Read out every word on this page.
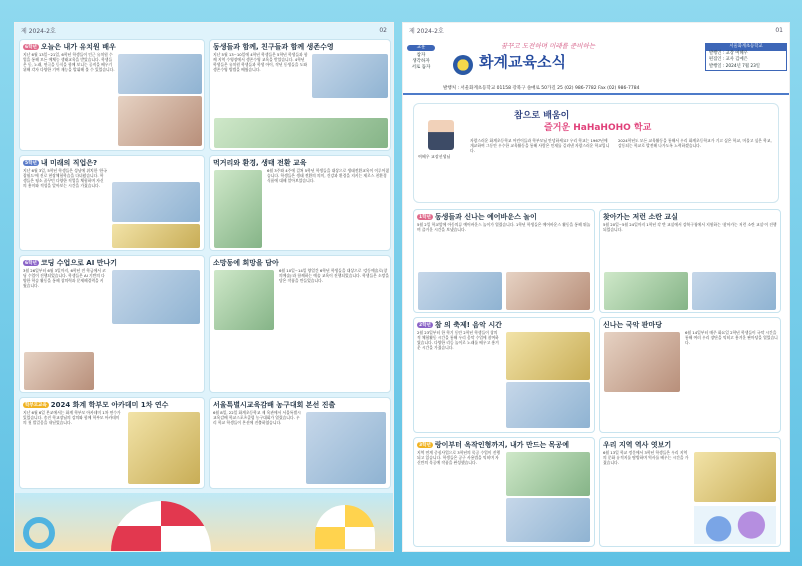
제 2024-2호	02
6학년 오늘은 내가 유치원 배우
지난 6월 13일~21일, 6학년 학생들이 인근 유치원 수업을 통해 모든 예체능 생태교육을 받았습니다. 학생들은 동, 노래, 연극을 등식을 함께 보니는 공직을 베우기 위해 각자 다양한 기여 재능을 발휘해 볼 수 있었습니다.
동생들과 함께, 친구들과 함께 생존수영
지난 5월 13~10일에 4학년 학생들은 5학년 학생들과 함께 지역 수영장에서 생존수영 교육을 받았습니다. 4학년 학생들은 유치원 학생들과 학생 아이, 작년 동생들을 도와 생존수영 방법을 배웠습니다.
5학년 내 미래의 직업은?
지난 6월 3일, 5학년 학생들은 성남에 위치한 '한국잡월드'에 진로 현장체험학습을 다녀왔습니다. 학생들은 평소 꿈꾸던 다양한 직업을 체험하며 자신의 흥미와 적성을 알아보는 시간을 가졌습니다.
먹거리와 환경, 생태 전환 교육
6월 3주와 4주에 걸쳐 5학년 학생들을 대상으로 생태전환교육이 이루어졌습니다. 학생들은 생태 전환의 의미, 건강과 환경을 지키는 제로스 친환경 식품에 대해 알아보았습니다.
6학년 코딩 수업으로 AI 만나기
3월 26일부터 6월 3일까지, 6학년 전 학급에서 코딩 수업이 진행되었습니다. 학생들은 AI 기반의 다양한 학습 활동을 통해 창의력과 문제해결력을 키웠습니다.
소망동에 희망을 담아
6월 10일~14일 양일간 6학년 학생들을 대상으로 '강동예술로(창의예술)'과 함께하는 예술 교육이 진행되었습니다. 학생들은 소망을 담은 작품을 만들었습니다.
학부모교육 2024 화계 학부모 아카데미 1차 연수
지난 6월 6일 본교에서는 화계 학부모 아카데미 1차 연수가 있었습니다. 송진 학교장님의 강의와 함께 학부모 아카데미의 첫 발걸음을 내딛었습니다.
서울특별시교육감배 농구대회 본선 진출
6월 8일, 22일 화계초등학교 제 육관에서 서울특별시교육감배 학교스포츠클럽 농구대회가 열렸습니다. 우리 학교 학생들이 본선에 진출하였습니다.
제 2024-2호	01
교훈
참자
생각하자
서로 돕자
꿈꾸고 도전하며 미래를 준비하는
화계교육소식
발행처 : 서울화계초등학교 01158 강북구 솔매로 50가길 25 (02) 986-7782 Fax (02) 986-7784
서울화계초등학교
발행인 : 교장 여혜우
편집인 : 교사 김예은
발행일 : 2024년 7월 23일
여혜우 교장선생님
참으로 배움이
즐거운 HaHaHOHO 학교
자랑스러운 화계초등학교 어린이들과 학부모님 안녕하세요? 우리 학교는 1967년에 개교하여 그동안 우수한 교육활동을 통해 사람은 인재를 길러낸 자랑스러운 학교입니다.
2024학년도 모든 교육활동을 통해서 우리 화계초등학교가 기고 싶은 학교, 머물고 싶은 학교, 감동되는 학교로 발전해 나가도록 노력하겠습니다.
1학년 동생들과 신나는 예어바운스 놀이
5월 2일 학교앞에 아동의류 예어바운스 놀이가 열렸습니다. 1학년 학생들은 예어바운스 활동을 통해 뛰놀며 즐거운 시간을 보냈습니다.
찾아가는 저런 소란 교실
5월 20일~5월 24일까지 1학년 각 반 교실에서 강북구청에서 지원하는 '찾아가는 저런 소란 교실'이 진행되었습니다.
2학년 참 의 축제! 음악 시간
2월 23일부터 한 학기 동안 2학년 학생들이 창의적 체험활동 시간을 통해 우리 음악 수업에 참여하였습니다. 다양한 리듬 놀이로 노래를 배우고 흥겨운 시간을 가졌습니다.
신나는 국악 판마당
6월 14일부터 매주 화요일 2학년 학생들이 국악 시간을 통해 여러 우리 장단을 익히고 흥겨운 판마당을 열었습니다.
3학년 랑이부터 옥작인형까지, 내가 만드는 목공예
지역 연계 중심사업으로 3학년의 목공 수업이 진행되고 있습니다. 학생들은 공구 사용법을 익히며 자신만의 목공예 작품을 완성했습니다.
우리 지역 역사 엿보기
6월 13일 학교 정문에서 3학년 학생들은 우리 지역의 문화 유적지를 탐방하며 역사를 배우는 시간을 가졌습니다.
